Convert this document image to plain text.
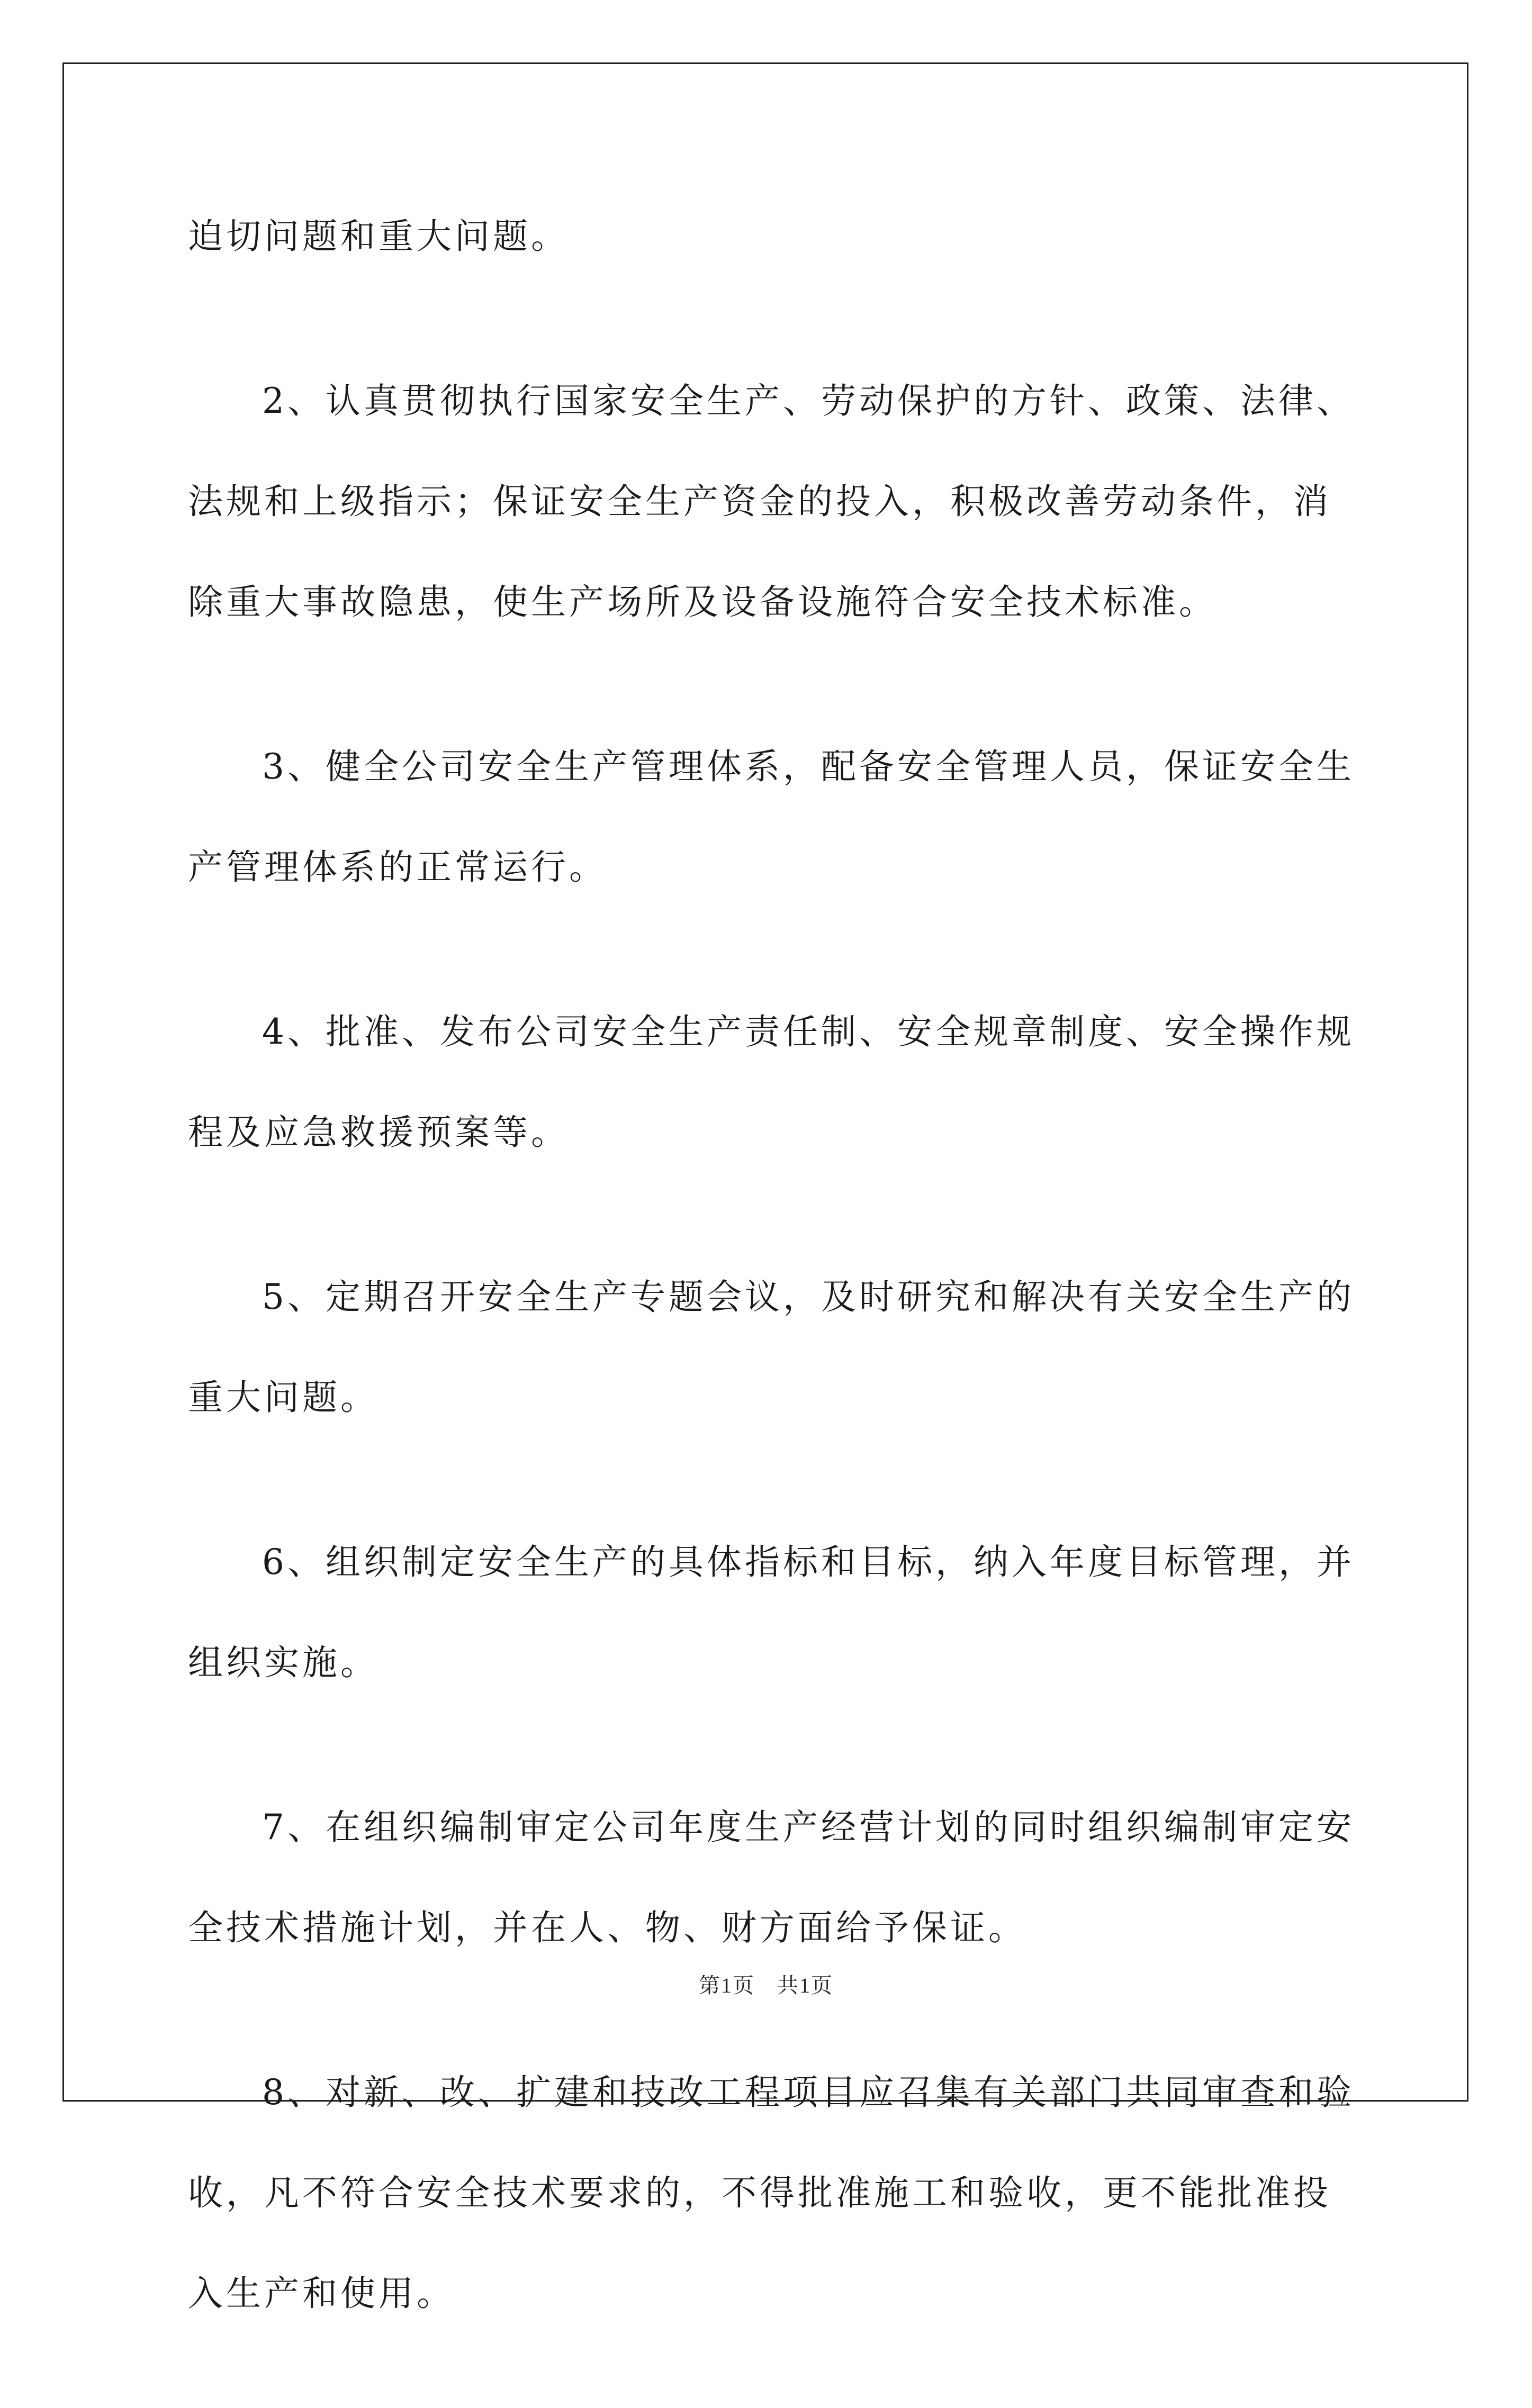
迫切问题和重大问题。

2、认真贯彻执行国家安全生产、劳动保护的方针、政策、法律、
法规和上级指示；保证安全生产资金的投入，积极改善劳动条件，消
除重大事故隐患，使生产场所及设备设施符合安全技术标准。

3、健全公司安全生产管理体系，配备安全管理人员，保证安全生
产管理体系的正常运行。

4、批准、发布公司安全生产责任制、安全规章制度、安全操作规
程及应急救援预案等。

5、定期召开安全生产专题会议，及时研究和解决有关安全生产的
重大问题。

6、组织制定安全生产的具体指标和目标，纳入年度目标管理，并
组织实施。

7、在组织编制审定公司年度生产经营计划的同时组织编制审定安
全技术措施计划，并在人、物、财方面给予保证。

8、对新、改、扩建和技改工程项目应召集有关部门共同审查和验
收，凡不符合安全技术要求的，不得批准施工和验收，更不能批准投
入生产和使用。

第1页　共1页
